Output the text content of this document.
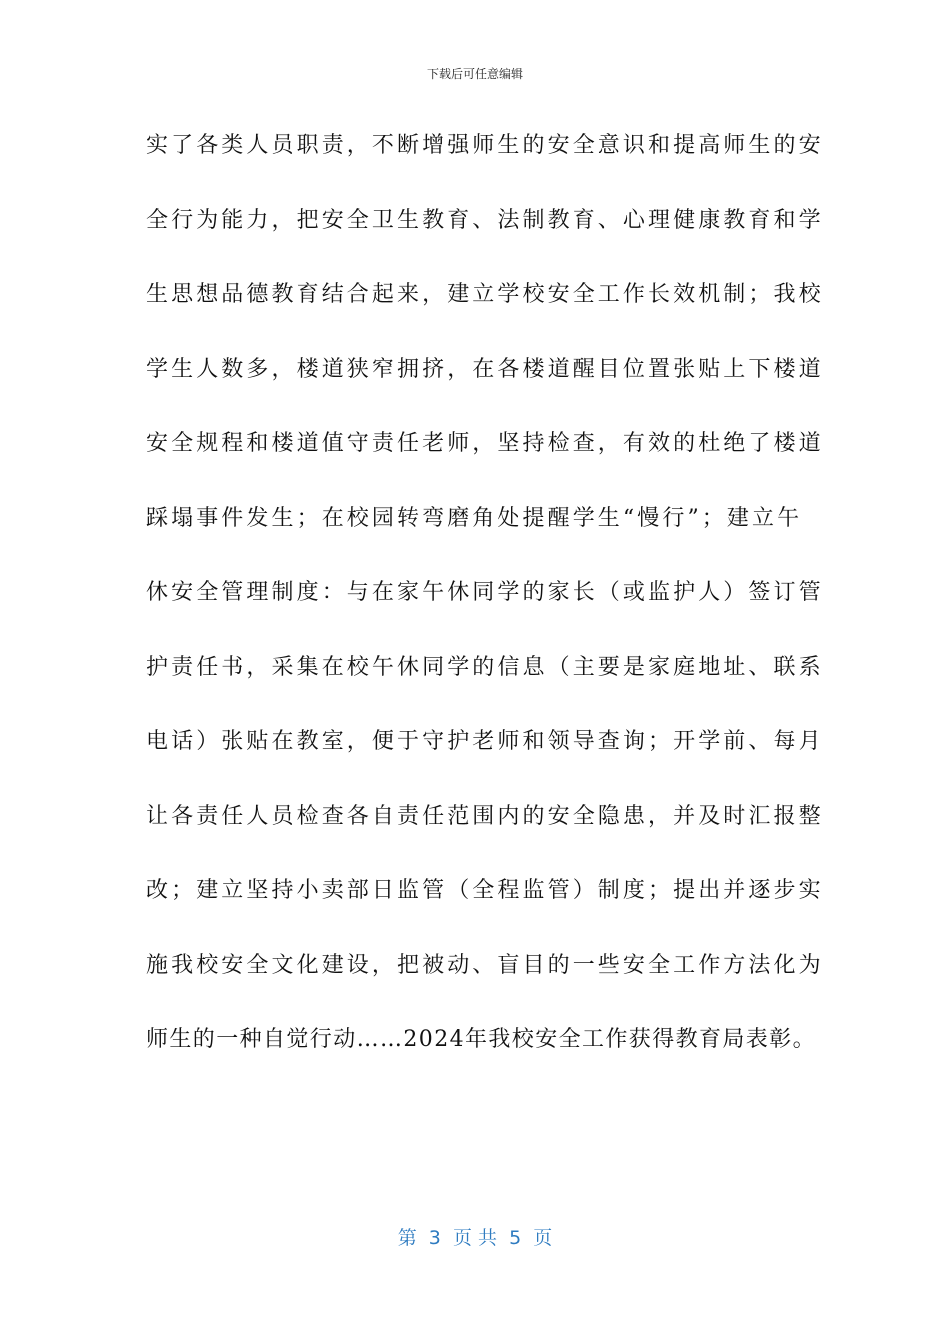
下载后可任意编辑
实了各类人员职责，不断增强师生的安全意识和提高师生的安
全行为能力，把安全卫生教育、法制教育、心理健康教育和学
生思想品德教育结合起来，建立学校安全工作长效机制；我校
学生人数多，楼道狭窄拥挤，在各楼道醒目位置张贴上下楼道
安全规程和楼道值守责任老师，坚持检查，有效的杜绝了楼道
踩塌事件发生；在校园转弯磨角处提醒学生“慢行”；建立午
休安全管理制度：与在家午休同学的家长（或监护人）签订管
护责任书，采集在校午休同学的信息（主要是家庭地址、联系
电话）张贴在教室，便于守护老师和领导查询；开学前、每月
让各责任人员检查各自责任范围内的安全隐患，并及时汇报整
改；建立坚持小卖部日监管（全程监管）制度；提出并逐步实
施我校安全文化建设，把被动、盲目的一些安全工作方法化为
师生的一种自觉行动……2024年我校安全工作获得教育局表彰。
第  3  页 共  5  页
